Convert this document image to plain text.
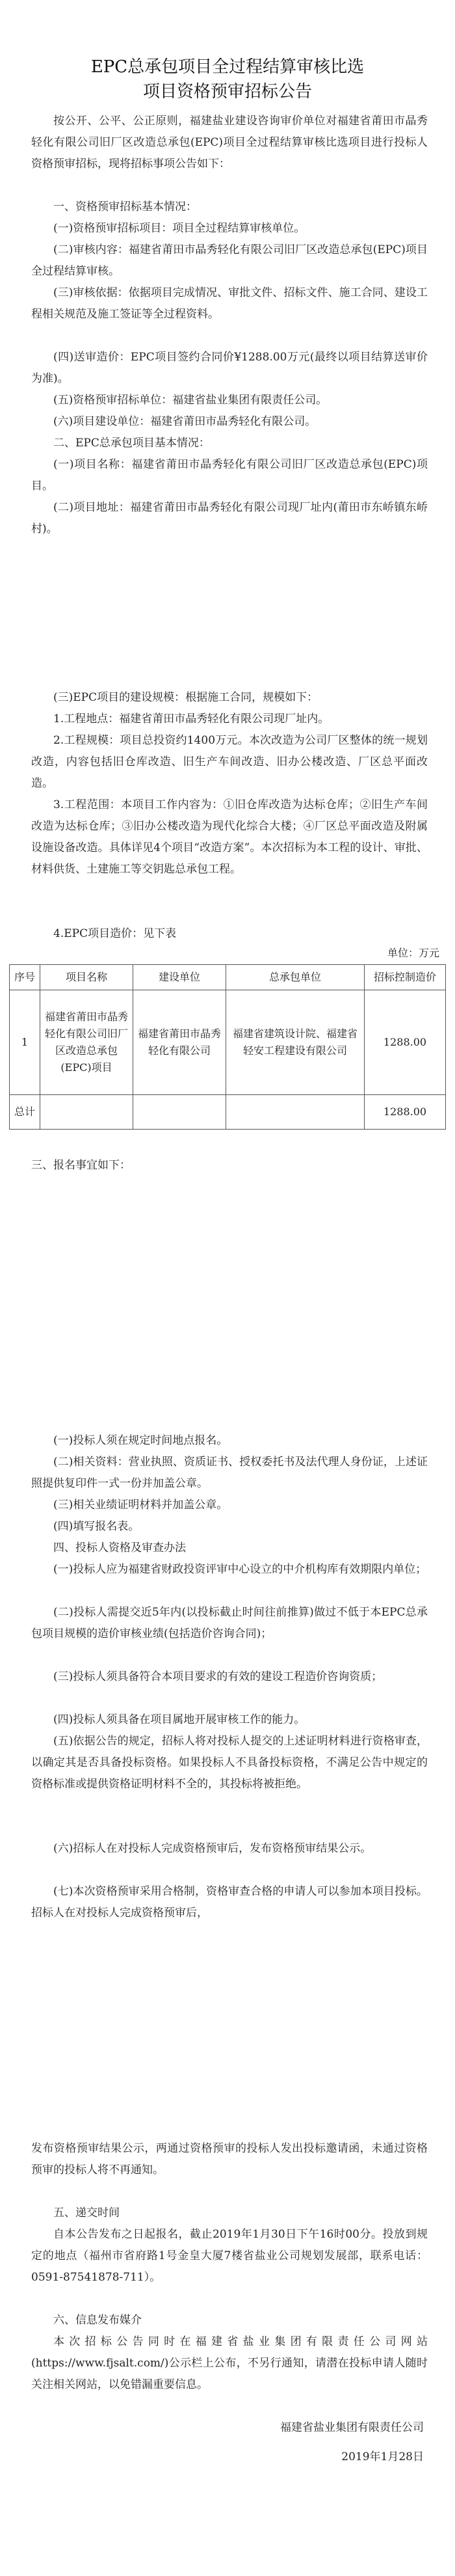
EPC总承包项目全过程结算审核比选
项目资格预审招标公告

按公开、公平、公正原则，福建盐业建设咨询审价单位对福建省莆田市晶秀轻化有限公司旧厂区改造总承包(EPC)项目全过程结算审核比选项目进行投标人资格预审招标，现将招标事项公告如下：

一、资格预审招标基本情况：

(一)资格预审招标项目：项目全过程结算审核单位。

(二)审核内容：福建省莆田市晶秀轻化有限公司旧厂区改造总承包(EPC)项目全过程结算审核。

(三)审核依据：依据项目完成情况、审批文件、招标文件、施工合同、建设工程相关规范及施工签证等全过程资料。

(四)送审造价：EPC项目签约合同价¥1288.00万元(最终以项目结算送审价为准)。

(五)资格预审招标单位：福建省盐业集团有限责任公司。

(六)项目建设单位：福建省莆田市晶秀轻化有限公司。

二、EPC总承包项目基本情况：

(一)项目名称：福建省莆田市晶秀轻化有限公司旧厂区改造总承包(EPC)项目。

(二)项目地址：福建省莆田市晶秀轻化有限公司现厂址内(莆田市东峤镇东峤村)。

(三)EPC项目的建设规模：根据施工合同，规模如下：

1.工程地点：福建省莆田市晶秀轻化有限公司现厂址内。

2.工程规模：项目总投资约1400万元。本次改造为公司厂区整体的统一规划改造，内容包括旧仓库改造、旧生产车间改造、旧办公楼改造、厂区总平面改造。

3.工程范围：本项目工作内容为：①旧仓库改造为达标仓库；②旧生产车间改造为达标仓库；③旧办公楼改造为现代化综合大楼；④厂区总平面改造及附属设施设备改造。具体详见4个项目“改造方案”。本次招标为本工程的设计、审批、材料供货、土建施工等交钥匙总承包工程。

4.EPC项目造价：见下表

单位：万元
序号	项目名称	建设单位	总承包单位	招标控制造价
1	福建省莆田市晶秀轻化有限公司旧厂区改造总承包(EPC)项目	福建省莆田市晶秀轻化有限公司	福建省建筑设计院、福建省轻安工程建设有限公司	1288.00
总计				1288.00

三、报名事宜如下：

(一)投标人须在规定时间地点报名。

(二)相关资料：营业执照、资质证书、授权委托书及法代理人身份证，上述证照提供复印件一式一份并加盖公章。

(三)相关业绩证明材料并加盖公章。

(四)填写报名表。

四、投标人资格及审查办法

(一)投标人应为福建省财政投资评审中心设立的中介机构库有效期限内单位；

(二)投标人需提交近5年内(以投标截止时间往前推算)做过不低于本EPC总承包项目规模的造价审核业绩(包括造价咨询合同)；

(三)投标人须具备符合本项目要求的有效的建设工程造价咨询资质；

(四)投标人须具备在项目属地开展审核工作的能力。

(五)依据公告的规定，招标人将对投标人提交的上述证明材料进行资格审查，以确定其是否具备投标资格。如果投标人不具备投标资格，不满足公告中规定的资格标准或提供资格证明材料不全的，其投标将被拒绝。

(六)招标人在对投标人完成资格预审后，发布资格预审结果公示。

(七)本次资格预审采用合格制，资格审查合格的申请人可以参加本项目投标。招标人在对投标人完成资格预审后，

发布资格预审结果公示，两通过资格预审的投标人发出投标邀请函，未通过资格预审的投标人将不再通知。

五、递交时间

自本公告发布之日起报名，截止2019年1月30日下午16时00分。投放到规定的地点（福州市省府路1号金皇大厦7楼省盐业公司规划发展部，联系电话：0591-87541878-711）。

六、信息发布媒介

本次招标公告同时在福建省盐业集团有限责任公司网站(https://www.fjsalt.com/)公示栏上公布，不另行通知，请潜在投标申请人随时关注相关网站，以免错漏重要信息。

福建省盐业集团有限责任公司
2019年1月28日
